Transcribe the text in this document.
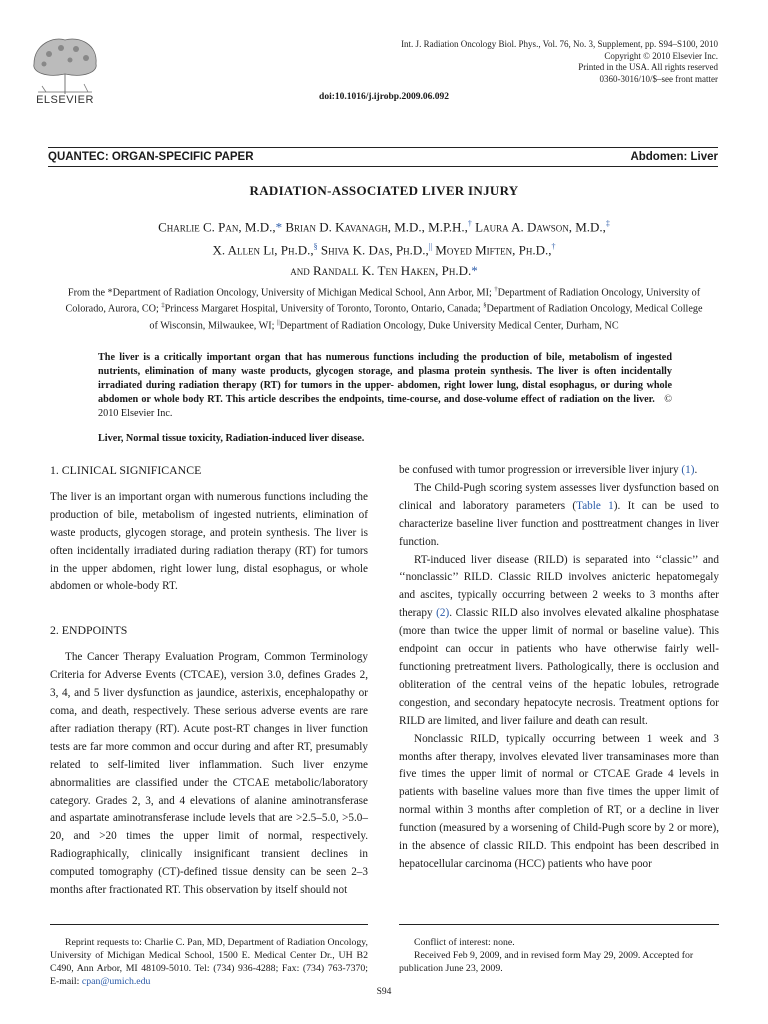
ELSEVIER
Int. J. Radiation Oncology Biol. Phys., Vol. 76, No. 3, Supplement, pp. S94–S100, 2010
Copyright © 2010 Elsevier Inc.
Printed in the USA. All rights reserved
0360-3016/10/$–see front matter
doi:10.1016/j.ijrobp.2009.06.092
QUANTEC: ORGAN-SPECIFIC PAPER	Abdomen: Liver
RADIATION-ASSOCIATED LIVER INJURY
Charlie C. Pan, M.D.,* Brian D. Kavanagh, M.D., M.P.H.,† Laura A. Dawson, M.D.,‡
X. Allen Li, Ph.D.,§ Shiva K. Das, Ph.D.,|| Moyed Miften, Ph.D.,†
and Randall K. Ten Haken, Ph.D.*
From the *Department of Radiation Oncology, University of Michigan Medical School, Ann Arbor, MI; †Department of Radiation Oncology, University of Colorado, Aurora, CO; ‡Princess Margaret Hospital, University of Toronto, Toronto, Ontario, Canada; §Department of Radiation Oncology, Medical College of Wisconsin, Milwaukee, WI; ||Department of Radiation Oncology, Duke University Medical Center, Durham, NC
The liver is a critically important organ that has numerous functions including the production of bile, metabolism of ingested nutrients, elimination of many waste products, glycogen storage, and plasma protein synthesis. The liver is often incidentally irradiated during radiation therapy (RT) for tumors in the upper- abdomen, right lower lung, distal esophagus, or during whole abdomen or whole body RT. This article describes the endpoints, time-course, and dose-volume effect of radiation on the liver. © 2010 Elsevier Inc.
Liver, Normal tissue toxicity, Radiation-induced liver disease.
1. CLINICAL SIGNIFICANCE

The liver is an important organ with numerous functions including the production of bile, metabolism of ingested nutrients, elimination of waste products, glycogen storage, and protein synthesis. The liver is often incidentally irradiated during radiation therapy (RT) for tumors in the upper abdomen, right lower lung, distal esophagus, or whole abdomen or whole-body RT.

2. ENDPOINTS

The Cancer Therapy Evaluation Program, Common Terminology Criteria for Adverse Events (CTCAE), version 3.0, defines Grades 2, 3, 4, and 5 liver dysfunction as jaundice, asterixis, encephalopathy or coma, and death, respectively. These serious adverse events are rare after radiation therapy (RT). Acute post-RT changes in liver function tests are far more common and occur during and after RT, presumably related to self-limited liver inflammation. Such liver enzyme abnormalities are classified under the CTCAE metabolic/laboratory category. Grades 2, 3, and 4 elevations of alanine aminotransferase and aspartate aminotransferase include levels that are >2.5–5.0, >5.0–20, and >20 times the upper limit of normal, respectively. Radiographically, clinically insignificant transient declines in computed tomography (CT)-defined tissue density can be seen 2–3 months after fractionated RT. This observation by itself should not

be confused with tumor progression or irreversible liver injury (1).

The Child-Pugh scoring system assesses liver dysfunction based on clinical and laboratory parameters (Table 1). It can be used to characterize baseline liver function and posttreatment changes in liver function.

RT-induced liver disease (RILD) is separated into ‘‘classic’’ and ‘‘nonclassic’’ RILD. Classic RILD involves anicteric hepatomegaly and ascites, typically occurring between 2 weeks to 3 months after therapy (2). Classic RILD also involves elevated alkaline phosphatase (more than twice the upper limit of normal or baseline value). This endpoint can occur in patients who have otherwise fairly well-functioning pretreatment livers. Pathologically, there is occlusion and obliteration of the central veins of the hepatic lobules, retrograde congestion, and secondary hepatocyte necrosis. Treatment options for RILD are limited, and liver failure and death can result.

Nonclassic RILD, typically occurring between 1 week and 3 months after therapy, involves elevated liver transaminases more than five times the upper limit of normal or CTCAE Grade 4 levels in patients with baseline values more than five times the upper limit of normal within 3 months after completion of RT, or a decline in liver function (measured by a worsening of Child-Pugh score by 2 or more), in the absence of classic RILD. This endpoint has been described in hepatocellular carcinoma (HCC) patients who have poor

Reprint requests to: Charlie C. Pan, MD, Department of Radiation Oncology, University of Michigan Medical School, 1500 E. Medical Center Dr., UH B2 C490, Ann Arbor, MI 48109-5010. Tel: (734) 936-4288; Fax: (734) 763-7370; E-mail: cpan@umich.edu

Conflict of interest: none.

Received Feb 9, 2009, and in revised form May 29, 2009. Accepted for publication June 23, 2009.

S94
